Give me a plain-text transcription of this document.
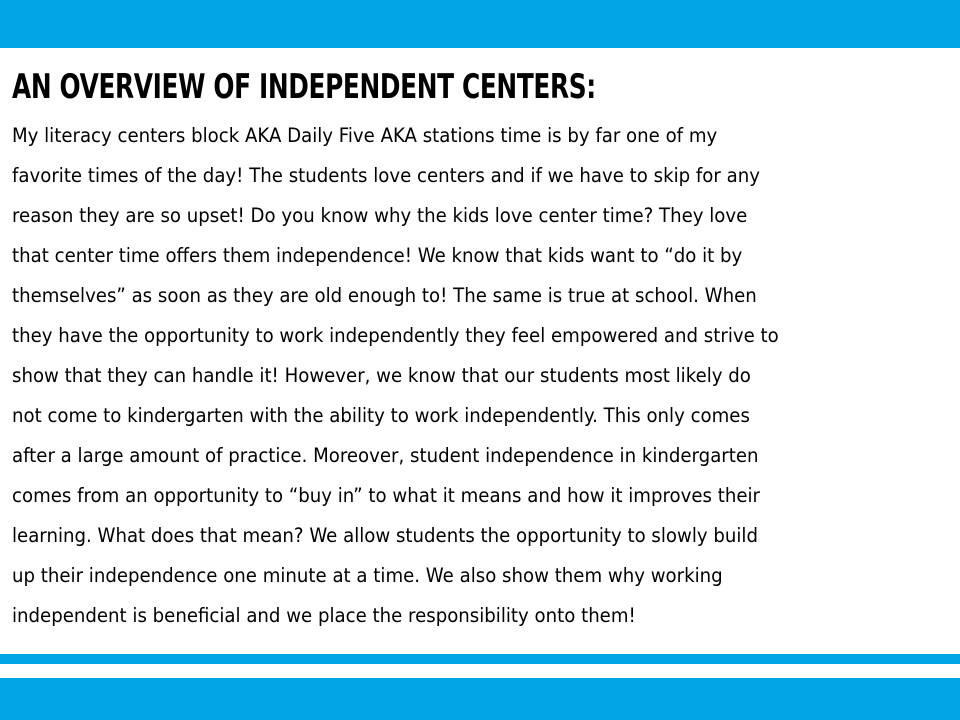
AN OVERVIEW OF INDEPENDENT CENTERS:
My literacy centers block AKA Daily Five AKA stations time is by far one of my
favorite times of the day! The students love centers and if we have to skip for any
reason they are so upset! Do you know why the kids love center time? They love
that center time offers them independence! We know that kids want to “do it by
themselves” as soon as they are old enough to! The same is true at school. When
they have the opportunity to work independently they feel empowered and strive to
show that they can handle it! However, we know that our students most likely do
not come to kindergarten with the ability to work independently. This only comes
after a large amount of practice. Moreover, student independence in kindergarten
comes from an opportunity to “buy in” to what it means and how it improves their
learning. What does that mean? We allow students the opportunity to slowly build
up their independence one minute at a time. We also show them why working
independent is beneficial and we place the responsibility onto them!
